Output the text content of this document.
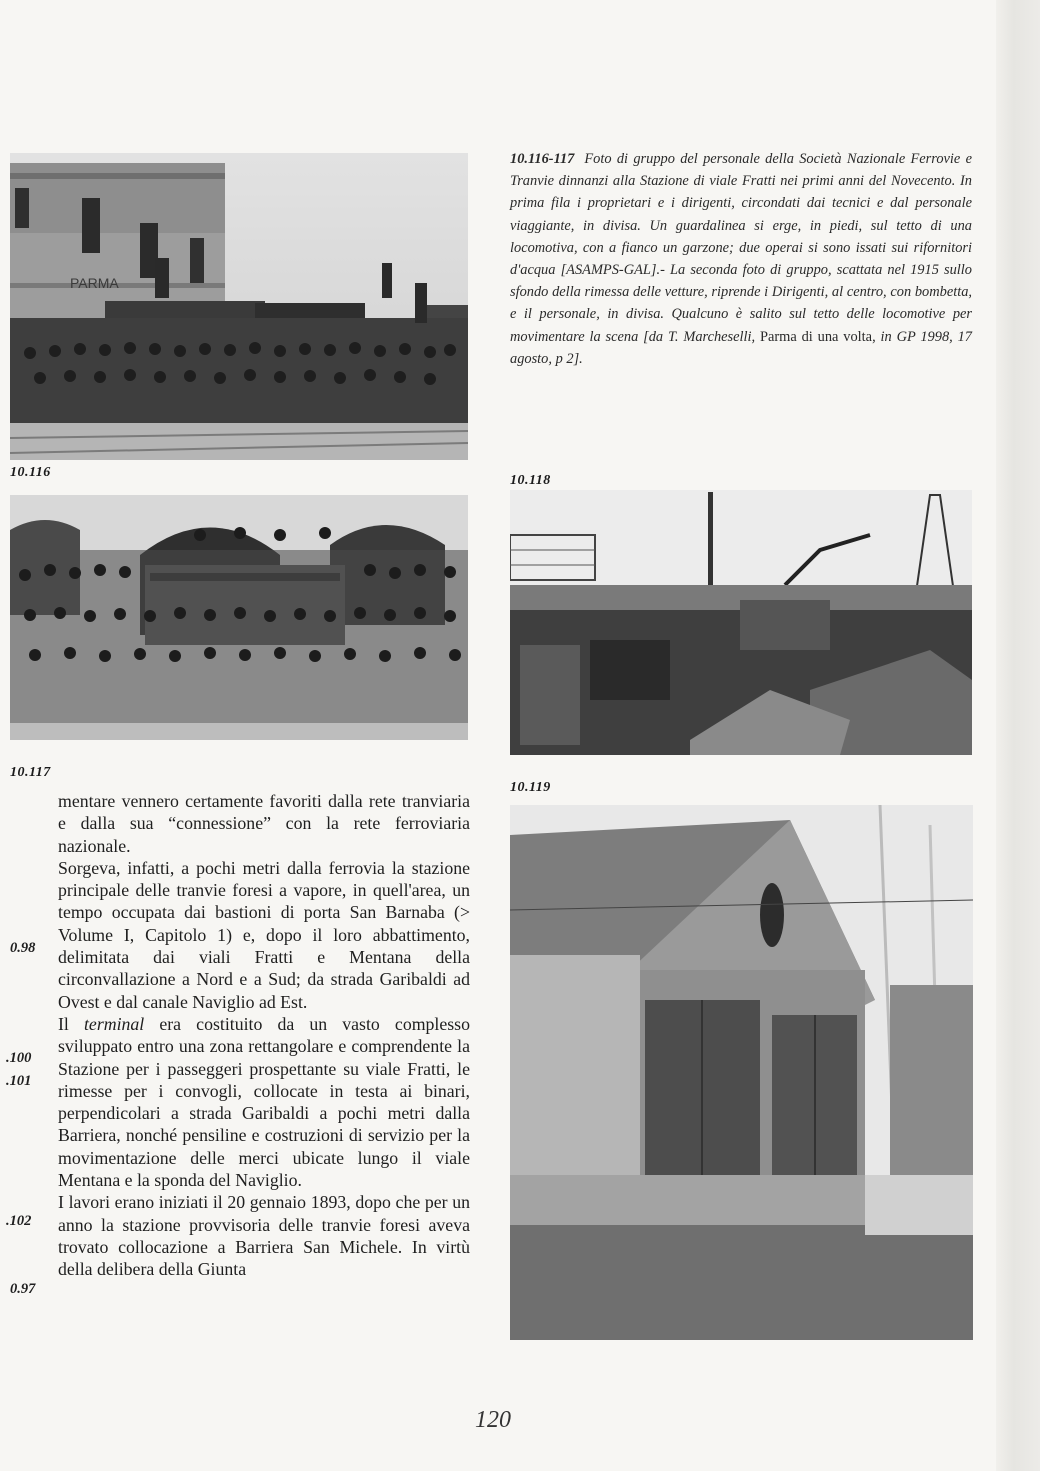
PARMA
10.116
10.116-117 Foto di gruppo del personale della Società Nazionale Ferrovie e Tranvie dinnanzi alla Stazione di viale Fratti nei primi anni del Novecento. In prima fila i proprietari e i dirigenti, circondati dai tecnici e dal personale viaggiante, in divisa. Un guardalinea si erge, in piedi, sul tetto di una locomotiva, con a fianco un garzone; due operai si sono issati sui rifornitori d'acqua [ASAMPS-GAL].- La seconda foto di gruppo, scattata nel 1915 sullo sfondo della rimessa delle vetture, riprende i Dirigenti, al centro, con bombetta, e il personale, in divisa. Qualcuno è salito sul tetto delle locomotive per movimentare la scena [da T. Marcheselli, Parma di una volta, in GP 1998, 17 agosto, p 2].
10.117
10.118
10.119

mentare vennero certamente favoriti dalla rete tranviaria e dalla sua “connessione” con la rete ferroviaria nazionale.

Sorgeva, infatti, a pochi metri dalla ferrovia la stazione principale delle tranvie foresi a vapore, in quell'area, un tempo occupata dai bastioni di porta San Barnaba (> Volume I, Capitolo 1) e, dopo il loro abbattimento, delimitata dai viali Fratti e Mentana della circonvallazione a Nord e a Sud; da strada Garibaldi ad Ovest e dal canale Naviglio ad Est.

Il terminal era costituito da un vasto complesso sviluppato entro una zona rettangolare e comprendente la Stazione per i passeggeri prospettante su viale Fratti, le rimesse per i convogli, collocate in testa ai binari, perpendicolari a strada Garibaldi a pochi metri dalla Barriera, nonché pensiline e costruzioni di servizio per la movimentazione delle merci ubicate lungo il viale Mentana e la sponda del Naviglio.

I lavori erano iniziati il 20 gennaio 1893, dopo che per un anno la stazione provvisoria delle tranvie foresi aveva trovato collocazione a Barriera San Michele. In virtù della delibera della Giunta

0.98
.100
.101
.102
0.97
120
